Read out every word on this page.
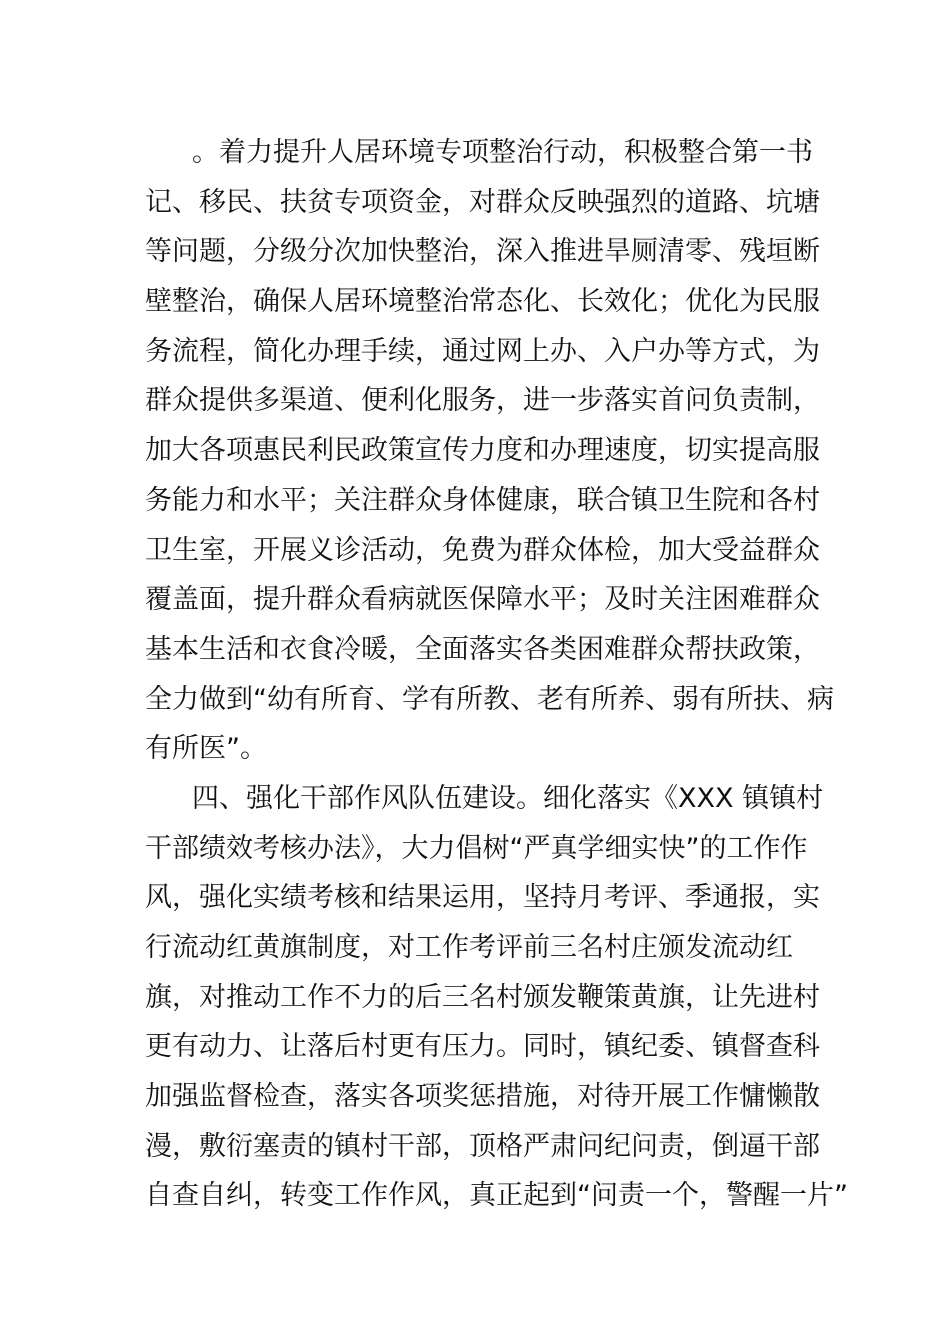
。着力提升人居环境专项整治行动，积极整合第一书
记、移民、扶贫专项资金，对群众反映强烈的道路、坑塘
等问题，分级分次加快整治，深入推进旱厕清零、残垣断
壁整治，确保人居环境整治常态化、长效化；优化为民服
务流程，简化办理手续，通过网上办、入户办等方式，为
群众提供多渠道、便利化服务，进一步落实首问负责制，
加大各项惠民利民政策宣传力度和办理速度，切实提高服
务能力和水平；关注群众身体健康，联合镇卫生院和各村
卫生室，开展义诊活动，免费为群众体检，加大受益群众
覆盖面，提升群众看病就医保障水平；及时关注困难群众
基本生活和衣食冷暖，全面落实各类困难群众帮扶政策，
全力做到“幼有所育、学有所教、老有所养、弱有所扶、病
有所医”。
四、强化干部作风队伍建设。细化落实《XXX 镇镇村
干部绩效考核办法》，大力倡树“严真学细实快”的工作作
风，强化实绩考核和结果运用，坚持月考评、季通报，实
行流动红黄旗制度，对工作考评前三名村庄颁发流动红
旗，对推动工作不力的后三名村颁发鞭策黄旗，让先进村
更有动力、让落后村更有压力。同时，镇纪委、镇督查科
加强监督检查，落实各项奖惩措施，对待开展工作慵懒散
漫，敷衍塞责的镇村干部，顶格严肃问纪问责，倒逼干部
自查自纠，转变工作作风，真正起到“问责一个，警醒一片”
